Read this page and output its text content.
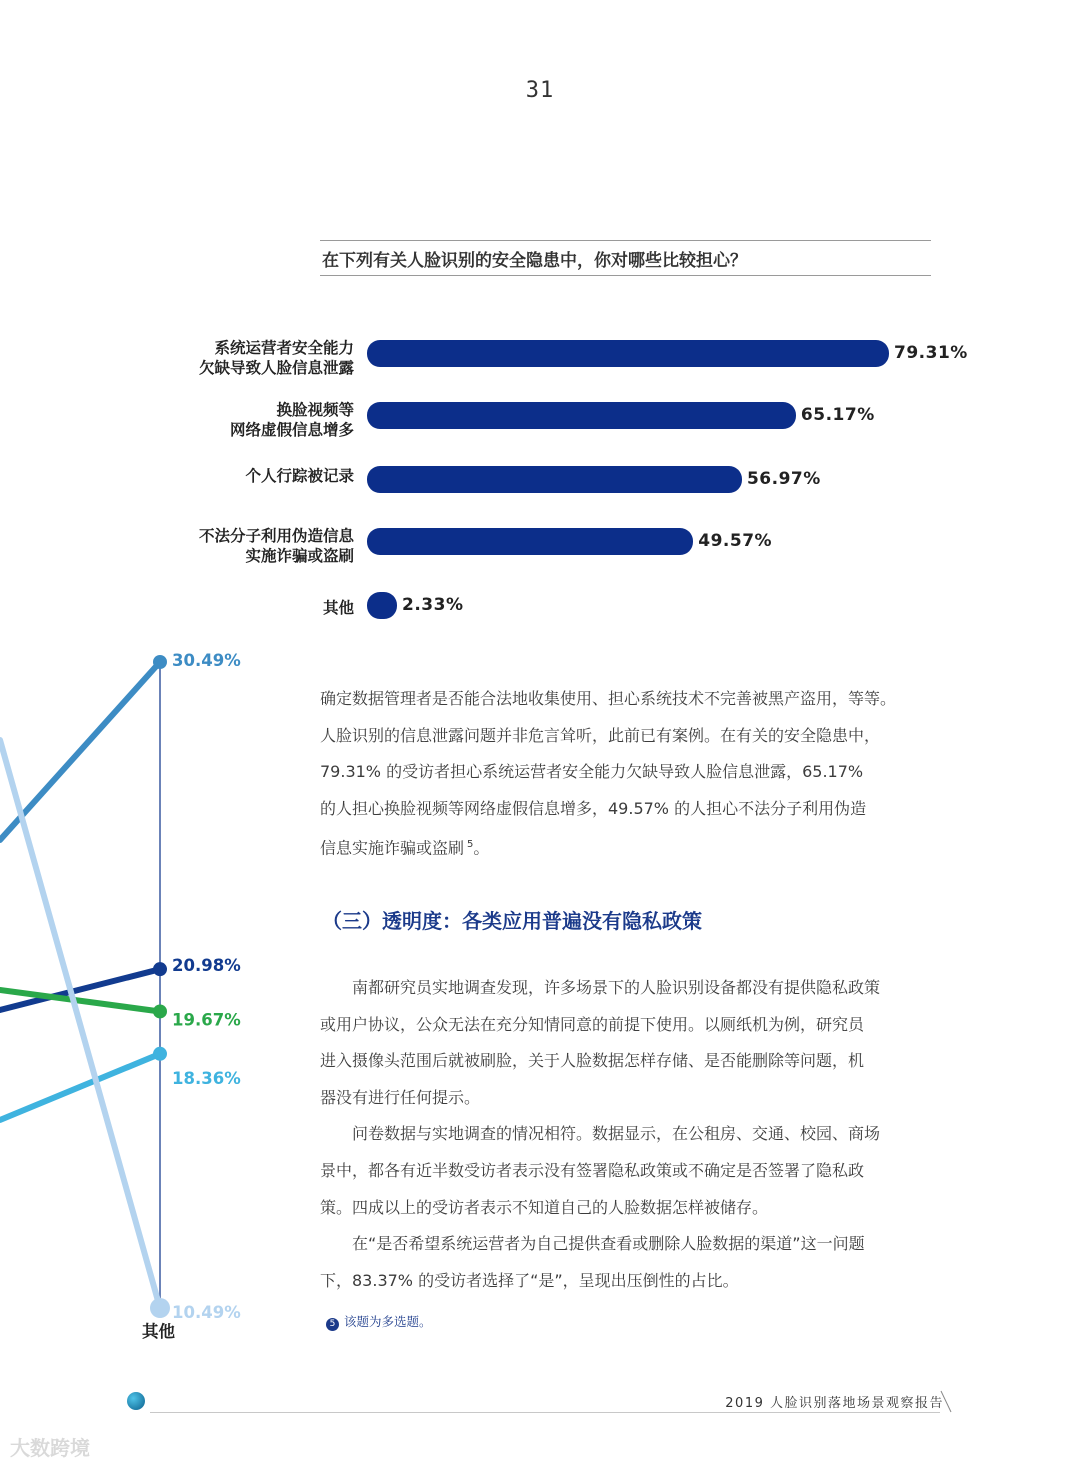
31
在下列有关人脸识别的安全隐患中，你对哪些比较担心？
系统运营者安全能力
欠缺导致人脸信息泄露
79.31%
换脸视频等
网络虚假信息增多
65.17%
个人行踪被记录	56.97%
不法分子利用伪造信息
实施诈骗或盗刷
49.57%
其他	2.33%
30.49%
20.98%
19.67%
18.36%
10.49%
其他
确定数据管理者是否能合法地收集使用、担心系统技术不完善被黑产盗用，等等。
人脸识别的信息泄露问题并非危言耸听，此前已有案例。在有关的安全隐患中，
79.31% 的受访者担心系统运营者安全能力欠缺导致人脸信息泄露，65.17%
的人担心换脸视频等网络虚假信息增多，49.57% 的人担心不法分子利用伪造
信息实施诈骗或盗刷 $^5$。
（三）透明度：各类应用普遍没有隐私政策
　　南都研究员实地调查发现，许多场景下的人脸识别设备都没有提供隐私政策
或用户协议，公众无法在充分知情同意的前提下使用。以厕纸机为例，研究员
进入摄像头范围后就被刷脸，关于人脸数据怎样存储、是否能删除等问题，机
器没有进行任何提示。
　　问卷数据与实地调查的情况相符。数据显示，在公租房、交通、校园、商场
景中，都各有近半数受访者表示没有签署隐私政策或不确定是否签署了隐私政
策。四成以上的受访者表示不知道自己的人脸数据怎样被储存。
　　在“是否希望系统运营者为自己提供查看或删除人脸数据的渠道”这一问题
下，83.37% 的受访者选择了“是”，呈现出压倒性的占比。
5 该题为多选题。
2019 人脸识别落地场景观察报告
大数跨境
